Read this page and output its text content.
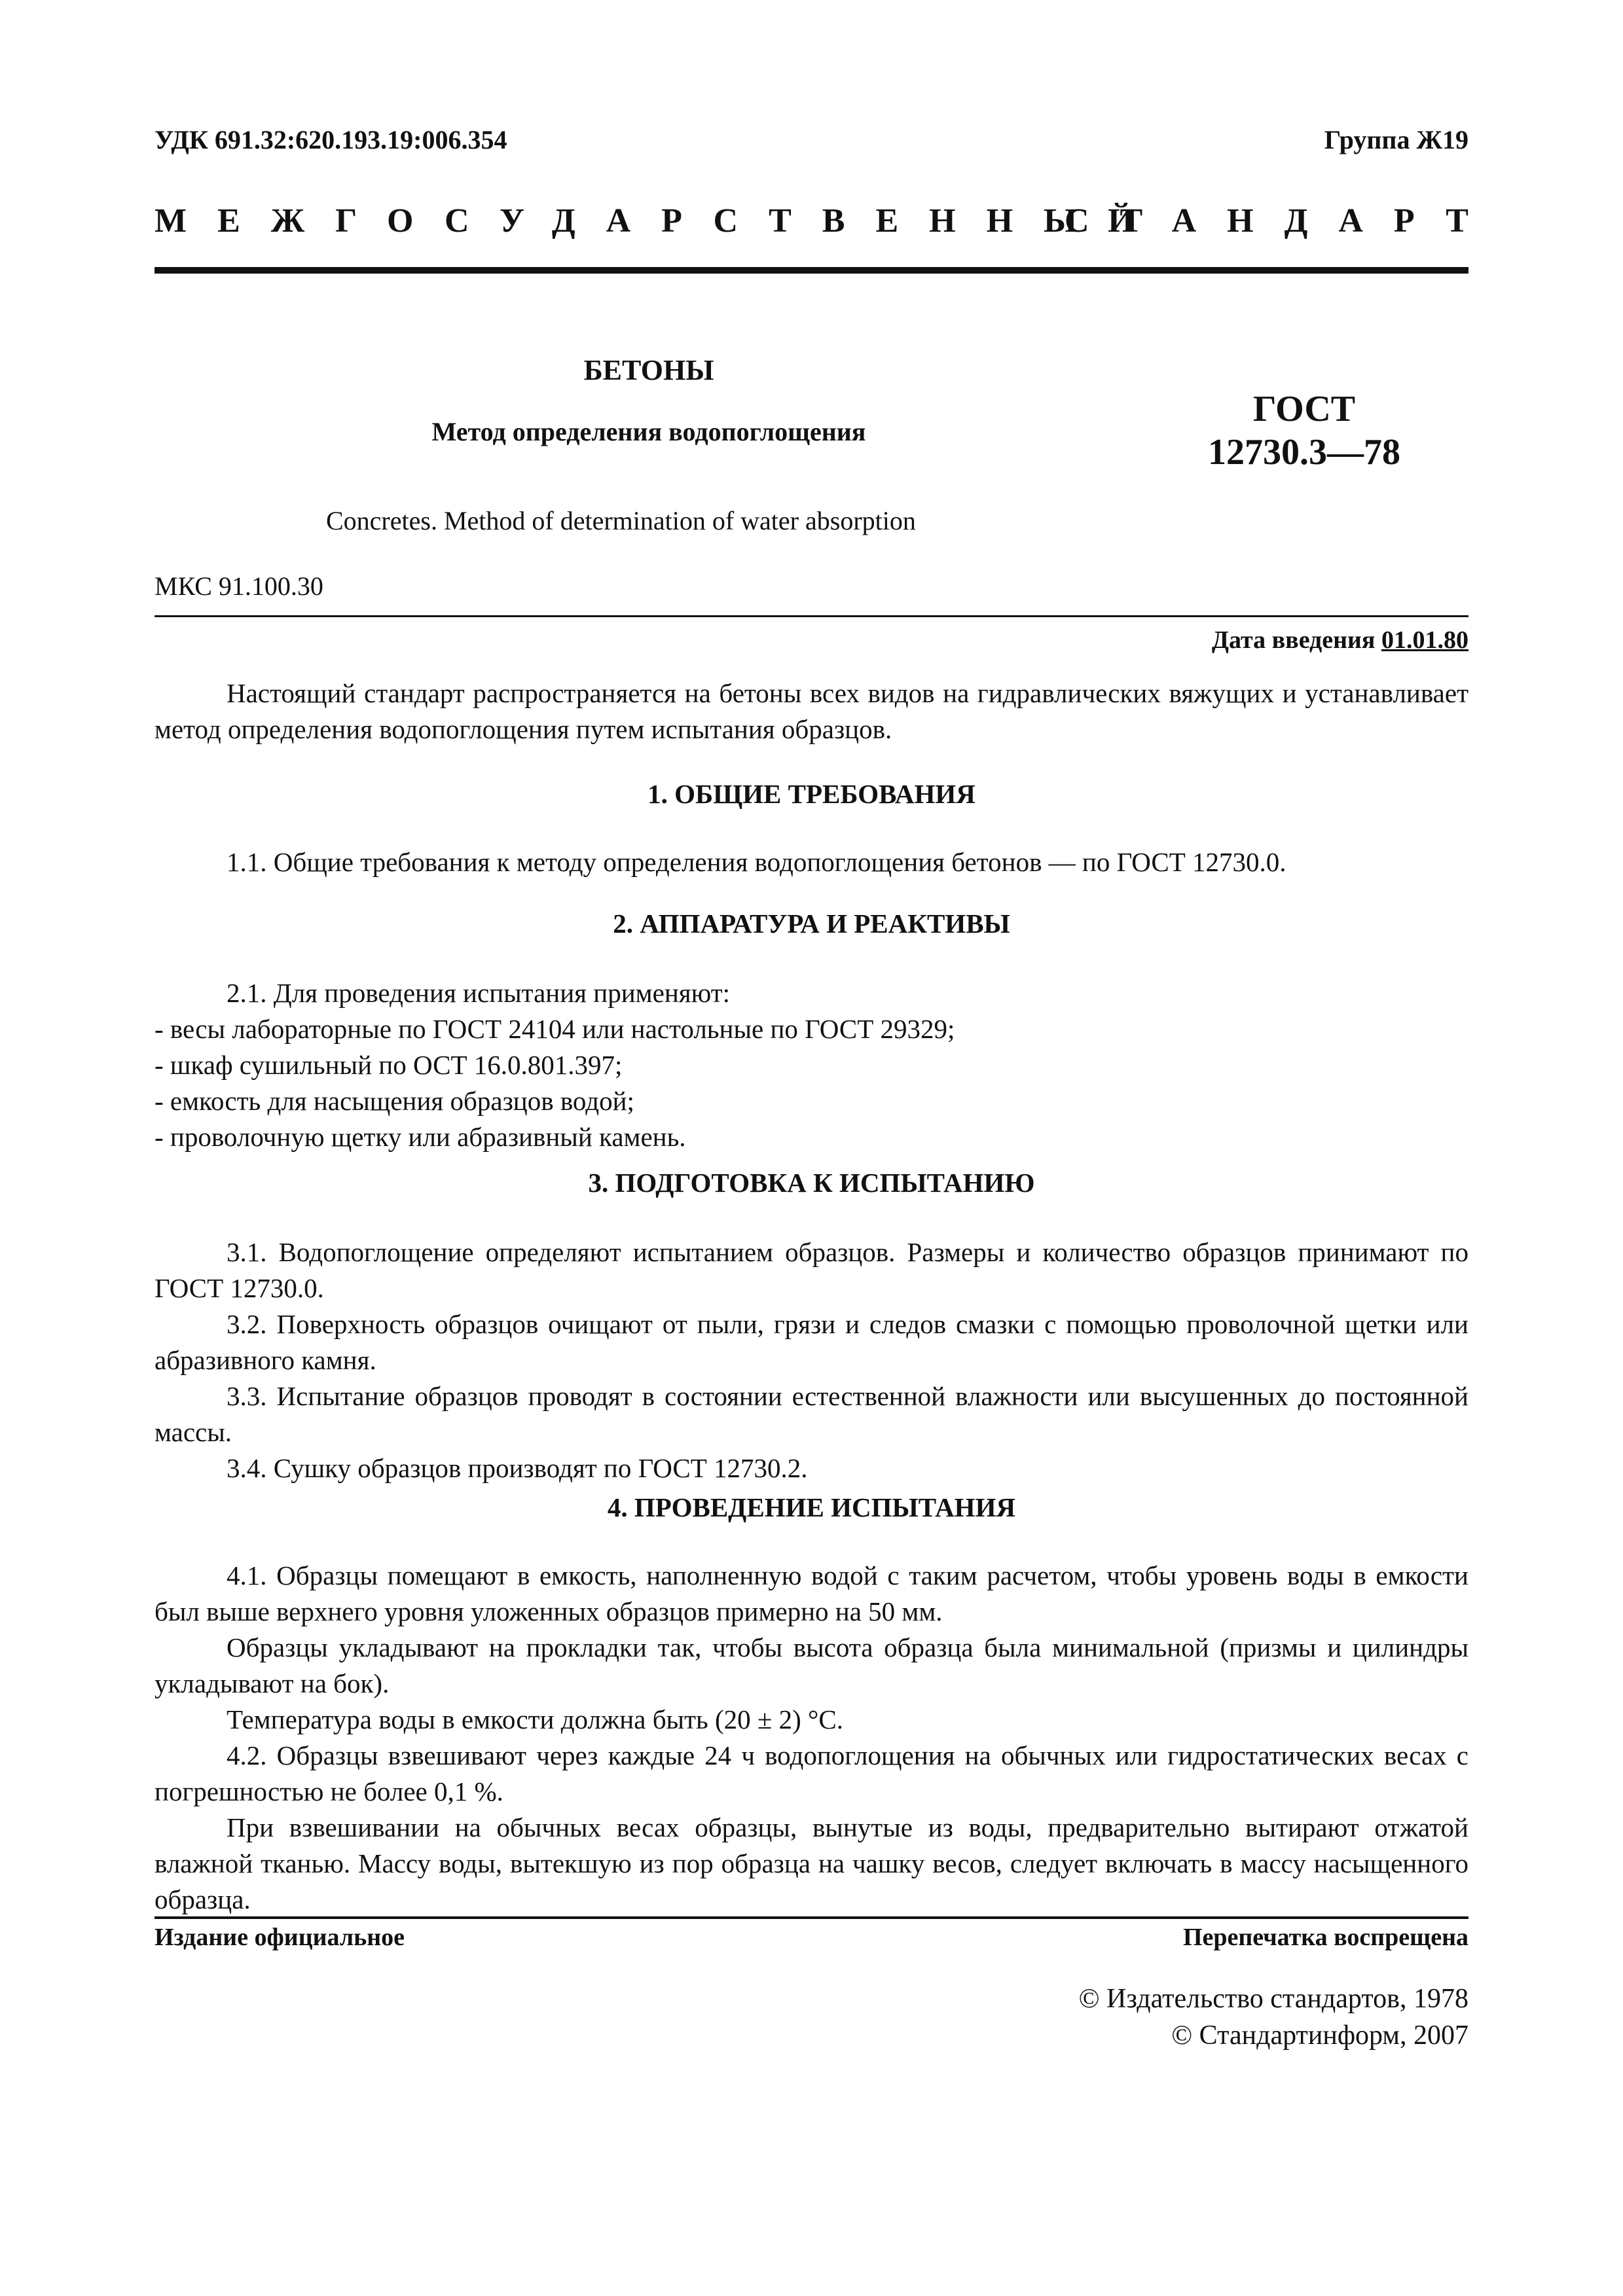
УДК 691.32:620.193.19:006.354	Группа Ж19
МЕЖГОСУДАРСТВЕННЫЙ
СТАНДАРТ
БЕТОНЫ
Метод определения водопоглощения
Concretes. Method of determination of water absorption
ГОСТ
12730.3—78
МКС 91.100.30
Дата введения 01.01.80

Настоящий стандарт распространяется на бетоны всех видов на гидравлических вяжущих и устанавливает метод определения водопоглощения путем испытания образцов.

1. ОБЩИЕ ТРЕБОВАНИЯ

1.1. Общие требования к методу определения водопоглощения бетонов — по ГОСТ 12730.0.

2. АППАРАТУРА И РЕАКТИВЫ

2.1. Для проведения испытания применяют:

- весы лабораторные по ГОСТ 24104 или настольные по ГОСТ 29329;

- шкаф сушильный по ОСТ 16.0.801.397;

- емкость для насыщения образцов водой;

- проволочную щетку или абразивный камень.

3. ПОДГОТОВКА К ИСПЫТАНИЮ

3.1. Водопоглощение определяют испытанием образцов. Размеры и количество образцов принимают по ГОСТ 12730.0.

3.2. Поверхность образцов очищают от пыли, грязи и следов смазки с помощью проволочной щетки или абразивного камня.

3.3. Испытание образцов проводят в состоянии естественной влажности или высушенных до постоянной массы.

3.4. Сушку образцов производят по ГОСТ 12730.2.

4. ПРОВЕДЕНИЕ ИСПЫТАНИЯ

4.1. Образцы помещают в емкость, наполненную водой с таким расчетом, чтобы уровень воды в емкости был выше верхнего уровня уложенных образцов примерно на 50 мм.

Образцы укладывают на прокладки так, чтобы высота образца была минимальной (призмы и цилиндры укладывают на бок).

Температура воды в емкости должна быть (20 ± 2) °С.

4.2. Образцы взвешивают через каждые 24 ч водопоглощения на обычных или гидростатических весах с погрешностью не более 0,1 %.

При взвешивании на обычных весах образцы, вынутые из воды, предварительно вытирают отжатой влажной тканью. Массу воды, вытекшую из пор образца на чашку весов, следует включать в массу насыщенного образца.

Издание официальное	Перепечатка воспрещена
© Издательство стандартов, 1978
© Стандартинформ, 2007
